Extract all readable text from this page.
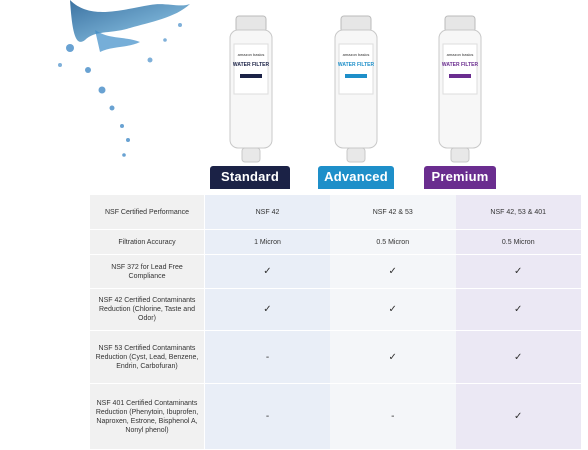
amazon basics
WATER FILTER
amazon basics
WATER FILTER
amazon basics
WATER FILTER
Standard	Advanced	Premium
NSF Certified Performance	NSF 42	NSF 42 & 53	NSF 42, 53 & 401
Filtration Accuracy	1 Micron	0.5 Micron	0.5 Micron
NSF 372 for Lead Free Compliance	✓	✓	✓
NSF 42 Certified Contaminants Reduction (Chlorine, Taste and Odor)	✓	✓	✓
NSF 53 Certified Contaminants Reduction (Cyst, Lead, Benzene, Endrin, Carbofuran)	-	✓	✓
NSF 401 Certified Contaminants Reduction (Phenytoin, Ibuprofen, Naproxen, Estrone, Bisphenol A, Nonyl phenol)	-	-	✓
